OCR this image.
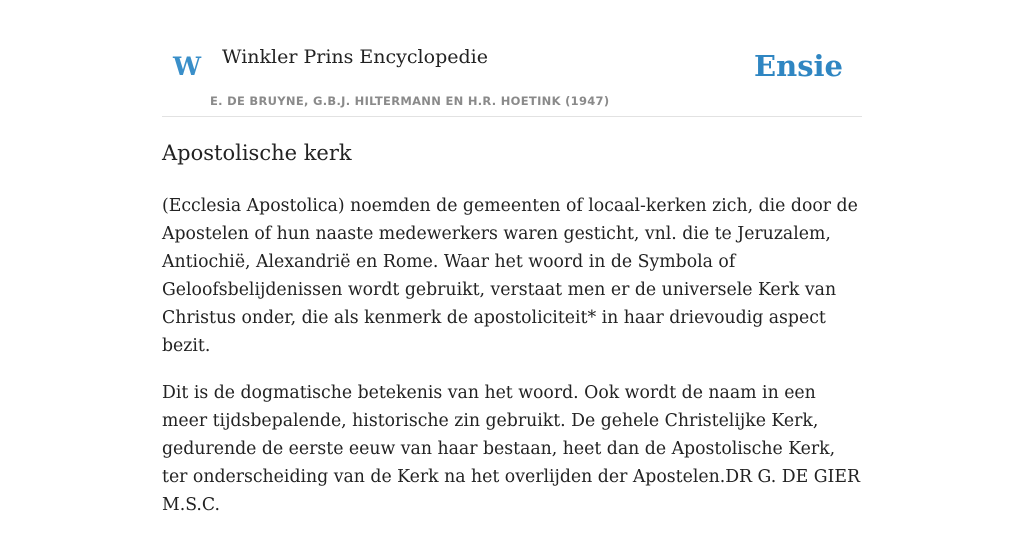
W Winkler Prins Encyclopedie
E. DE BRUYNE, G.B.J. HILTERMANN EN H.R. HOETINK (1947)
Ensie
Apostolische kerk

(Ecclesia Apostolica) noemden de gemeenten of locaal-kerken zich, die door de Apostelen of hun naaste medewerkers waren gesticht, vnl. die te Jeruzalem, Antiochië, Alexandrië en Rome. Waar het woord in de Symbola of Geloofsbelijdenissen wordt gebruikt, verstaat men er de universele Kerk van Christus onder, die als kenmerk de apostoliciteit* in haar drievoudig aspect bezit.

Dit is de dogmatische betekenis van het woord. Ook wordt de naam in een meer tijdsbepalende, historische zin gebruikt. De gehele Christelijke Kerk, gedurende de eerste eeuw van haar bestaan, heet dan de Apostolische Kerk, ter onderscheiding van de Kerk na het overlijden der Apostelen.DR G. DE GIER M.S.C.
